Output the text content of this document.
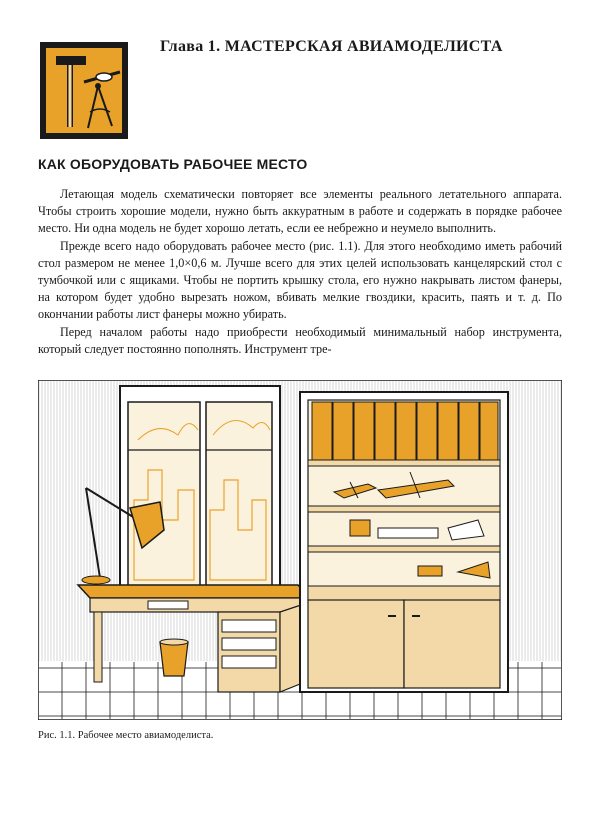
Глава 1. МАСТЕРСКАЯ АВИАМОДЕЛИСТА
КАК ОБОРУДОВАТЬ РАБОЧЕЕ МЕСТО

Летающая модель схематически повторяет все элементы реального летательного аппарата. Чтобы строить хорошие модели, нужно быть аккуратным в работе и содержать в порядке рабочее место. Ни одна модель не будет хорошо летать, если ее небрежно и неумело выполнить.

Прежде всего надо оборудовать рабочее место (рис. 1.1). Для этого необходимо иметь рабочий стол размером не менее 1,0×0,6 м. Лучше всего для этих целей использовать канцелярский стол с тумбочкой или с ящиками. Чтобы не портить крышку стола, его нужно накрывать листом фанеры, на котором будет удобно вырезать ножом, вбивать мелкие гвоздики, красить, паять и т. д. По окончании работы лист фанеры можно убирать.

Перед началом работы надо приобрести необходимый минимальный набор инструмента, который следует постоянно пополнять. Инструмент тре-

Рис. 1.1. Рабочее место авиамоделиста.
